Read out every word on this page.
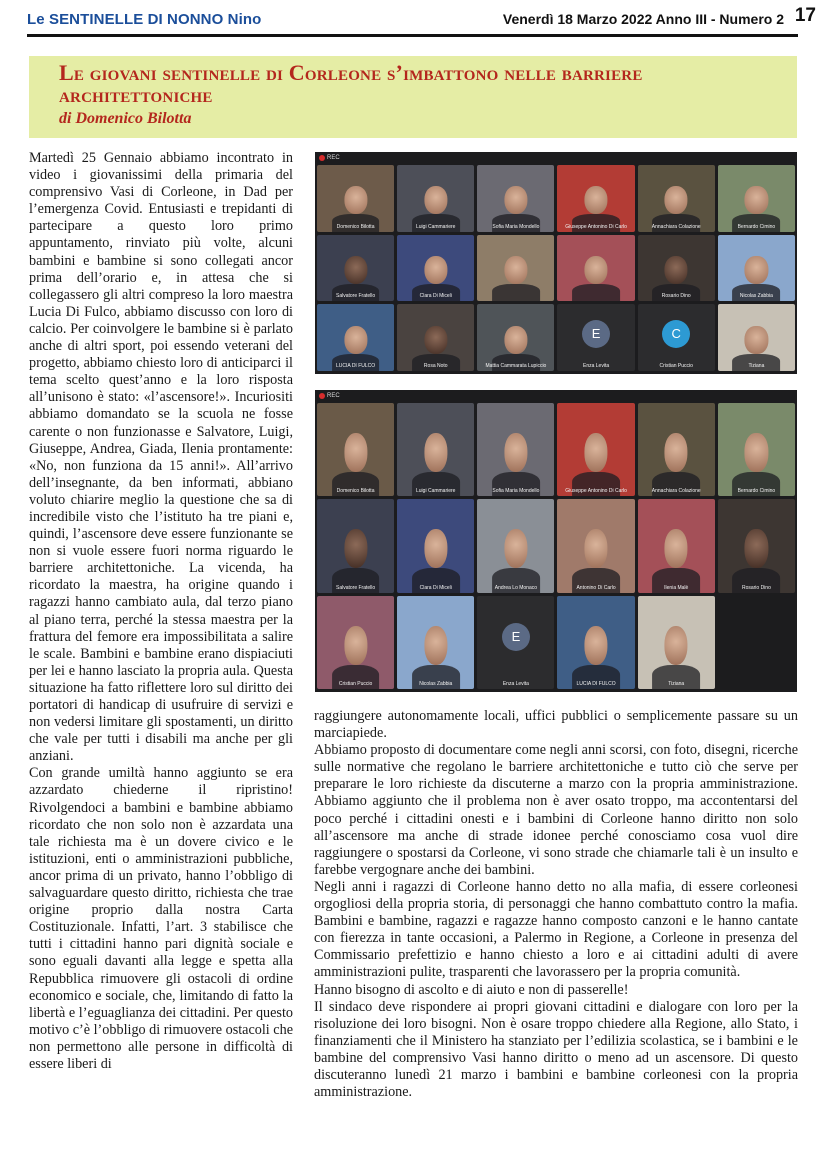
Le SENTINELLE DI NONNO Nino	Venerdì 18 Marzo 2022 Anno III - Numero 2 17
Le giovani sentinelle di Corleone s’imbattono nelle barriere architettoniche
di Domenico Bilotta

Martedì 25 Gennaio abbiamo incontrato in video i giovanissimi della primaria del comprensivo Vasi di Corleone, in Dad per l’emergenza Covid. Entusiasti e trepidanti di partecipare a questo loro primo appuntamento, rinviato più volte, alcuni bambini e bambine si sono collegati ancor prima dell’orario e, in attesa che si collegassero gli altri compreso la loro maestra Lucia Di Fulco, abbiamo discusso con loro di calcio. Per coinvolgere le bambine si è parlato anche di altri sport, poi essendo veterani del progetto, abbiamo chiesto loro di anticiparci il tema scelto quest’anno e la loro risposta all’unisono è stato: «l’ascensore!». Incuriositi abbiamo domandato se la scuola ne fosse carente o non funzionasse e Salvatore, Luigi, Giuseppe, Andrea, Giada, Ilenia prontamente: «No, non funziona da 15 anni!». All’arrivo dell’insegnante, da ben informati, abbiano voluto chiarire meglio la questione che sa di incredibile visto che l’istituto ha tre piani e, quindi, l’ascensore deve essere funzionante se non si vuole essere fuori norma riguardo le barriere architettoniche. La vicenda, ha ricordato la maestra, ha origine quando i ragazzi hanno cambiato aula, dal terzo piano al piano terra, perché la stessa maestra per la frattura del femore era impossibilitata a salire le scale. Bambini e bambine erano dispiaciuti per lei e hanno lasciato la propria aula. Questa situazione ha fatto riflettere loro sul diritto dei portatori di handicap di usufruire di servizi e non vedersi limitare gli spostamenti, un diritto che vale per tutti i disabili ma anche per gli anziani.

Con grande umiltà hanno aggiunto se era azzardato chiederne il ripristino! Rivolgendoci a bambini e bambine abbiamo ricordato che non solo non è azzardata una tale richiesta ma è un dovere civico e le istituzioni, enti o amministrazioni pubbliche, ancor prima di un privato, hanno l’obbligo di salvaguardare questo diritto, richiesta che trae origine proprio dalla nostra Carta Costituzionale. Infatti, l’art. 3 stabilisce che tutti i cittadini hanno pari dignità sociale e sono eguali davanti alla legge e spetta alla Repubblica rimuovere gli ostacoli di ordine economico e sociale, che, limitando di fatto la libertà e l’eguaglianza dei cittadini. Per questo motivo c’è l’obbligo di rimuovere ostacoli che non permettono alle persone in difficoltà di essere liberi di

REC
Domenico Bilotta	Luigi Cammariere	Sofia Maria Mondello	Giuseppe Antonino Di Carlo	Annachiara Colazione	Bernardo Cimino
Salvatore Fratello	Clara Di Miceli	Rosario Dino	Nicolas Zabbia
LUCIA DI FULCO	Rosa Noto	Mattia Cammarata Lupiccio
E
Enza Levita
C
Cristian Puccio	Tiziana
REC
Domenico Bilotta	Luigi Cammariere	Sofia Maria Mondello	Giuseppe Antonino Di Carlo	Annachiara Colazione	Bernardo Cimino
Salvatore Fratello	Clara Di Miceli	Andrea Lo Monaco	Antonino Di Carlo	Ilenia Malè	Rosario Dino
Cristian Puccio	Nicolas Zabbia
E
Enza Levita	LUCIA DI FULCO	Tiziana

raggiungere autonomamente locali, uffici pubblici o semplicemente passare su un marciapiede.

Abbiamo proposto di documentare come negli anni scorsi, con foto, disegni, ricerche sulle normative che regolano le barriere architettoniche e tutto ciò che serve per preparare le loro richieste da discuterne a marzo con la propria amministrazione. Abbiamo aggiunto che il problema non è aver osato troppo, ma accontentarsi del poco perché i cittadini onesti e i bambini di Corleone hanno diritto non solo all’ascensore ma anche di strade idonee perché conosciamo cosa vuol dire raggiungere o spostarsi da Corleone, vi sono strade che chiamarle tali è un insulto e farebbe vergognare anche dei bambini.

Negli anni i ragazzi di Corleone hanno detto no alla mafia, di essere corleonesi orgogliosi della propria storia, di personaggi che hanno combattuto contro la mafia. Bambini e bambine, ragazzi e ragazze hanno composto canzoni e le hanno cantate con fierezza in tante occasioni, a Palermo in Regione, a Corleone in presenza del Commissario prefettizio e hanno chiesto a loro e ai cittadini adulti di avere amministrazioni pulite, trasparenti che lavorassero per la propria comunità.

Hanno bisogno di ascolto e di aiuto e non di passerelle!

Il sindaco deve rispondere ai propri giovani cittadini e dialogare con loro per la risoluzione dei loro bisogni. Non è osare troppo chiedere alla Regione, allo Stato, i finanziamenti che il Ministero ha stanziato per l’edilizia scolastica, se i bambini e le bambine del comprensivo Vasi hanno diritto o meno ad un ascensore. Di questo discuteranno lunedì 21 marzo i bambini e bambine corleonesi con la propria amministrazione.
